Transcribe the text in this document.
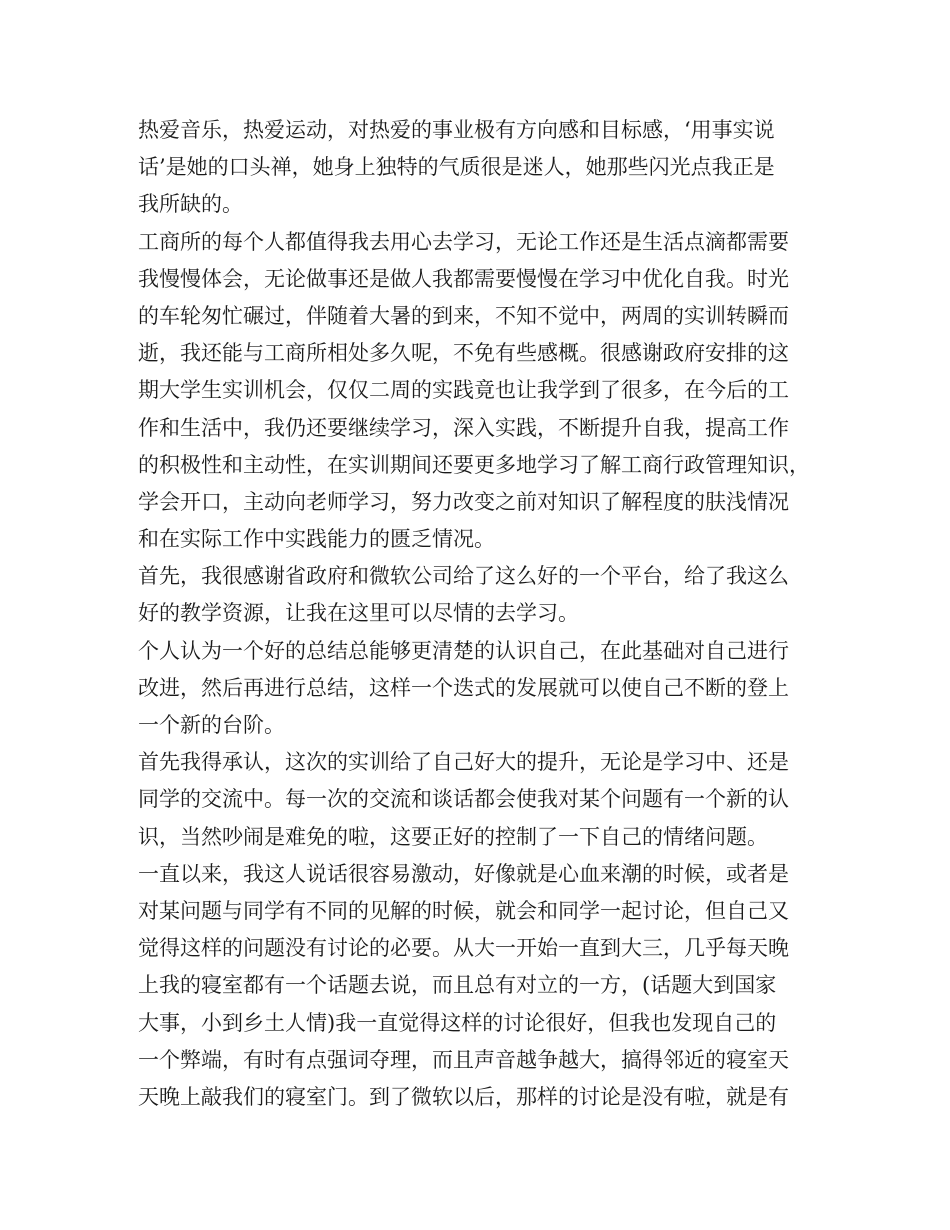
热爱音乐，热爱运动，对热爱的事业极有方向感和目标感，‘用事实说
话’是她的口头禅，她身上独特的气质很是迷人，她那些闪光点我正是
我所缺的。
工商所的每个人都值得我去用心去学习，无论工作还是生活点滴都需要
我慢慢体会，无论做事还是做人我都需要慢慢在学习中优化自我。时光
的车轮匆忙碾过，伴随着大暑的到来，不知不觉中，两周的实训转瞬而
逝，我还能与工商所相处多久呢，不免有些感概。很感谢政府安排的这
期大学生实训机会，仅仅二周的实践竟也让我学到了很多，在今后的工
作和生活中，我仍还要继续学习，深入实践，不断提升自我，提高工作
的积极性和主动性，在实训期间还要更多地学习了解工商行政管理知识，
学会开口，主动向老师学习，努力改变之前对知识了解程度的肤浅情况
和在实际工作中实践能力的匮乏情况。
首先，我很感谢省政府和微软公司给了这么好的一个平台，给了我这么
好的教学资源，让我在这里可以尽情的去学习。
个人认为一个好的总结总能够更清楚的认识自己，在此基础对自己进行
改进，然后再进行总结，这样一个迭式的发展就可以使自己不断的登上
一个新的台阶。
首先我得承认，这次的实训给了自己好大的提升，无论是学习中、还是
同学的交流中。每一次的交流和谈话都会使我对某个问题有一个新的认
识，当然吵闹是难免的啦，这要正好的控制了一下自己的情绪问题。
一直以来，我这人说话很容易激动，好像就是心血来潮的时候，或者是
对某问题与同学有不同的见解的时候，就会和同学一起讨论，但自己又
觉得这样的问题没有讨论的必要。从大一开始一直到大三，几乎每天晚
上我的寝室都有一个话题去说，而且总有对立的一方，(话题大到国家
大事，小到乡土人情)我一直觉得这样的讨论很好，但我也发现自己的
一个弊端，有时有点强词夺理，而且声音越争越大，搞得邻近的寝室天
天晚上敲我们的寝室门。到了微软以后，那样的讨论是没有啦，就是有
